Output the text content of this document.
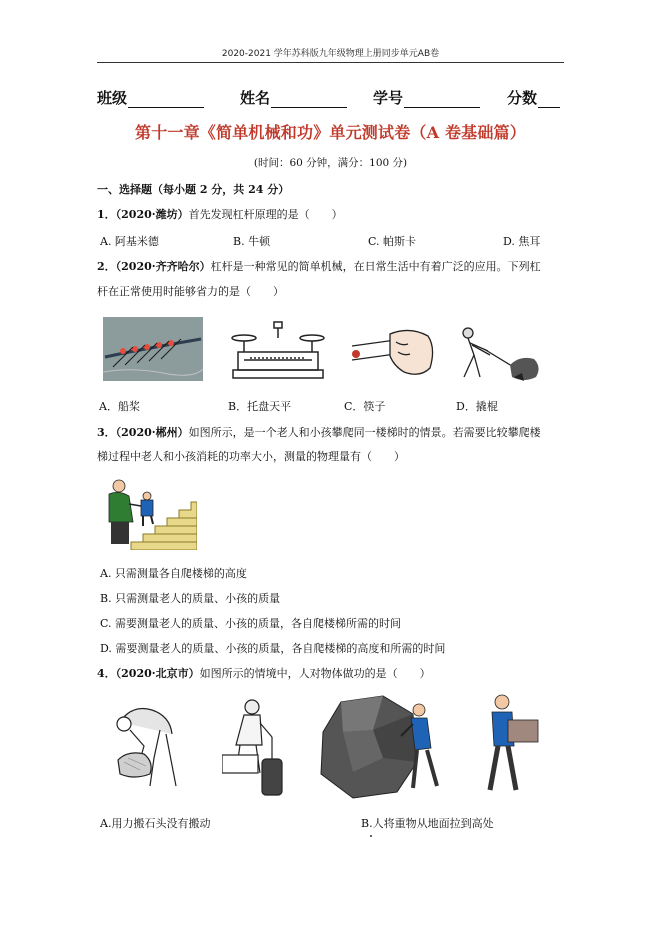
2020-2021 学年苏科版九年级物理上册同步单元AB卷
班级	姓名	学号	分数
第十一章《简单机械和功》单元测试卷（A 卷基础篇）
(时间：60 分钟，满分：100 分)
一、选择题（每小题 2 分，共 24 分）
1．（2020·潍坊）首先发现杠杆原理的是（　　）
A. 阿基米德	B. 牛顿	C. 帕斯卡	D. 焦耳
2．（2020·齐齐哈尔）杠杆是一种常见的简单机械，在日常生活中有着广泛的应用。下列杠
杆在正常使用时能够省力的是（　　）
A．船桨	B．托盘天平	C．筷子	D．撬棍
3．（2020·郴州）如图所示，是一个老人和小孩攀爬同一楼梯时的情景。若需要比较攀爬楼
梯过程中老人和小孩消耗的功率大小，测量的物理量有（　　）
A. 只需测量各自爬楼梯的高度
B. 只需测量老人的质量、小孩的质量
C. 需要测量老人的质量、小孩的质量，各自爬楼梯所需的时间
D. 需要测量老人的质量、小孩的质量，各自爬楼梯的高度和所需的时间
4．（2020·北京市）如图所示的情境中，人对物体做功的是（　　）
A.用力搬石头没有搬动	B.人将重物从地面拉到高处
